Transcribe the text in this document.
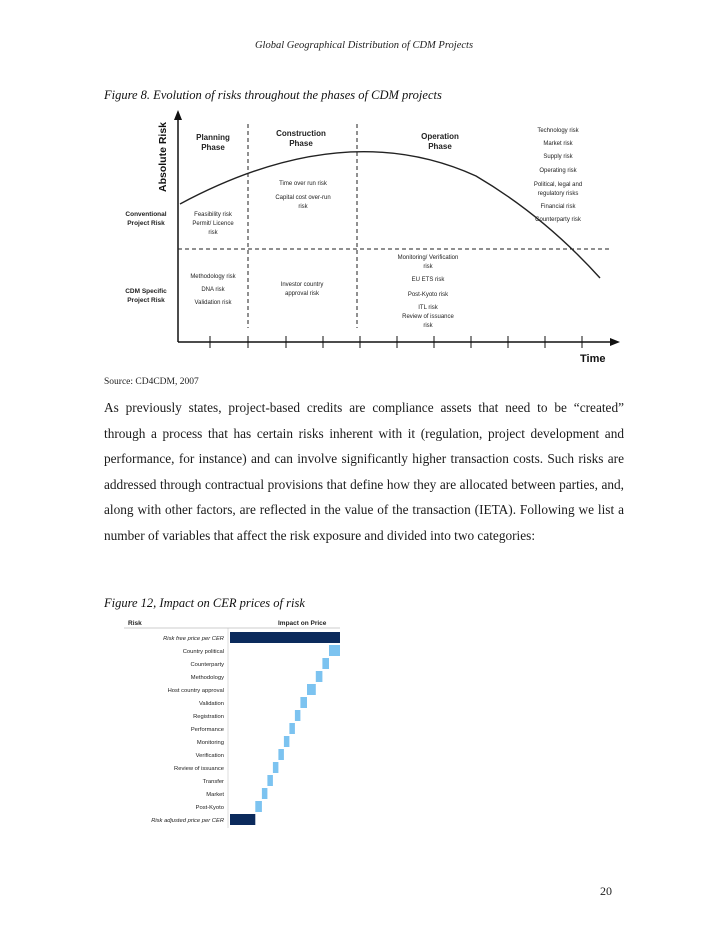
Global Geographical Distribution of CDM Projects
Figure 8. Evolution of risks throughout the phases of CDM projects
Absolute Risk
Time
Planning
Phase
Construction
Phase
Operation
Phase
Conventional
Project Risk
CDM Specific
Project Risk
Feasibility risk
Permit/ Licence
risk
Time over run risk
Capital cost over-run
risk
Technology risk
Market risk
Supply risk
Operating risk
Political, legal and
regulatory risks
Financial risk
Counterparty risk
Methodology risk
DNA risk
Validation risk
Investor country
approval risk
Monitoring/ Verification
risk
EU ETS risk
Post-Kyoto risk
ITL risk
Review of issuance
risk
Source: CD4CDM, 2007

As previously states, project-based credits are compliance assets that need to be “created” through a process that has certain risks inherent with it (regulation, project development and performance, for instance) and can involve significantly higher transaction costs. Such risks are addressed through contractual provisions that define how they are allocated between parties, and, along with other factors, are reflected in the value of the transaction (IETA). Following we list a number of variables that affect the risk exposure and divided into two categories:

Figure 12, Impact on CER prices of risk
Risk	Impact on Price
Risk free price per CER
Country political
Counterparty
Methodology
Host country approval
Validation
Registration
Performance
Monitoring
Verification
Review of issuance
Transfer
Market
Post-Kyoto
Risk adjusted price per CER
20
